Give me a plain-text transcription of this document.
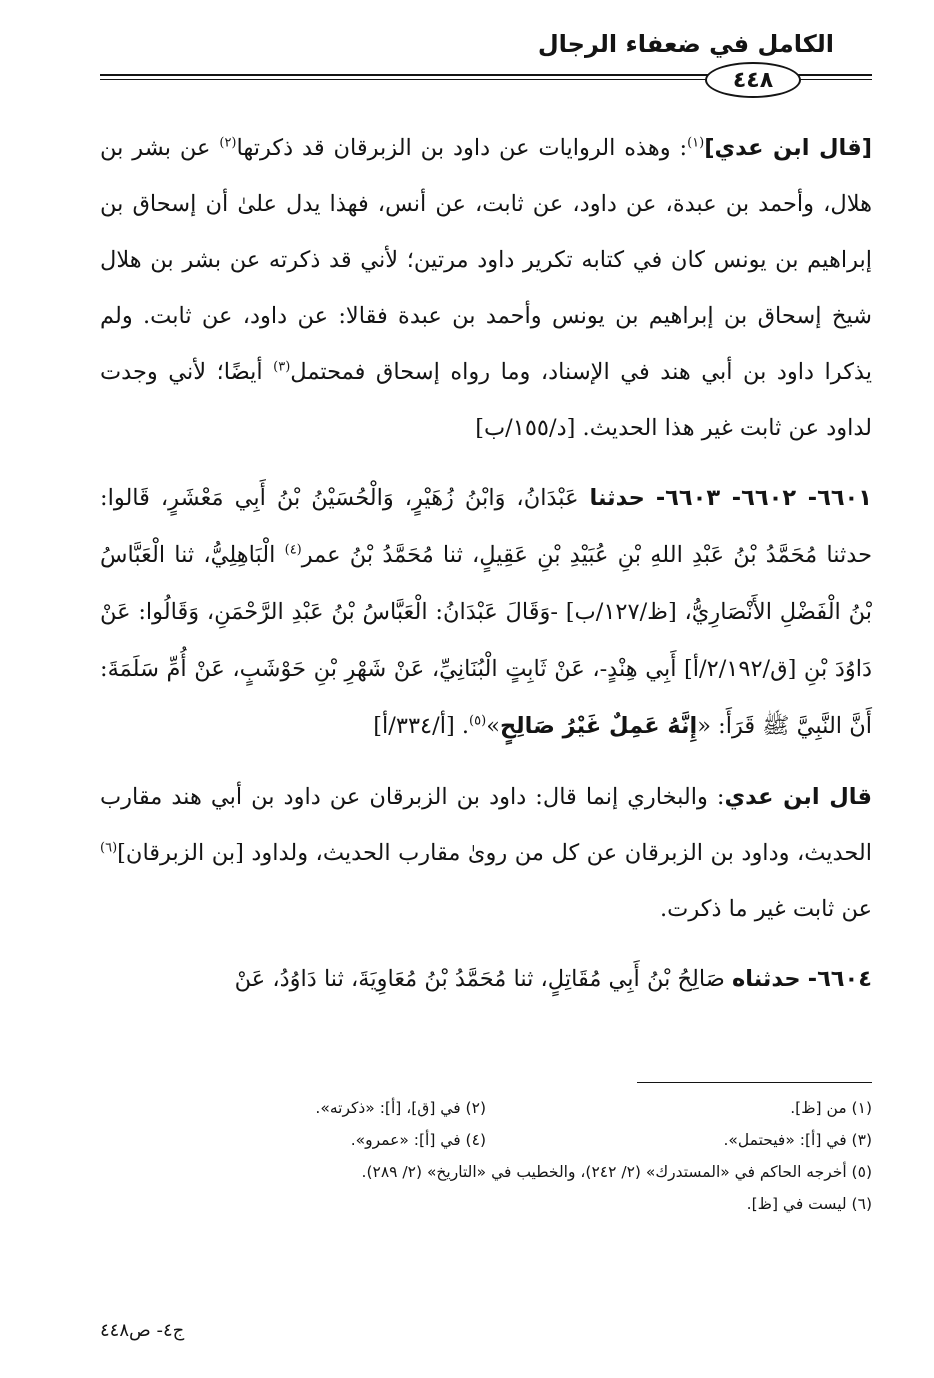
الكامل في ضعفاء الرجال
٤٤٨

[قال ابن عدي]$^{(١)}$: وهذه الروايات عن داود بن الزبرقان قد ذكرتها$^{(٢)}$ عن بشر بن هلال، وأحمد بن عبدة، عن داود، عن ثابت، عن أنس، فهذا يدل علىٰ أن إسحاق بن إبراهيم بن يونس كان في كتابه تكرير داود مرتين؛ لأني قد ذكرته عن بشر بن هلال شيخ إسحاق بن إبراهيم بن يونس وأحمد بن عبدة فقالا: عن داود، عن ثابت. ولم يذكرا داود بن أبي هند في الإسناد، وما رواه إسحاق فمحتمل$^{(٣)}$ أيضًا؛ لأني وجدت لداود عن ثابت غير هذا الحديث. [د/١٥٥/ب]

٦٦٠١- ٦٦٠٢- ٦٦٠٣- حدثنا عَبْدَانُ، وَابْنُ زُهَيْرٍ، وَالْحُسَيْنُ بْنُ أَبِي مَعْشَرٍ، قَالوا: حدثنا مُحَمَّدُ بْنُ عَبْدِ اللهِ بْنِ عُبَيْدِ بْنِ عَقِيلٍ، ثنا مُحَمَّدُ بْنُ عمر$^{(٤)}$ الْبَاهِلِيُّ، ثنا الْعَبَّاسُ بْنُ الْفَضْلِ الأَنْصَارِيُّ، [ظ/١٢٧/ب] -وَقَالَ عَبْدَانُ: الْعَبَّاسُ بْنُ عَبْدِ الرَّحْمَنِ، وَقَالُوا: عَنْ دَاوُدَ بْنِ [ق/٢/١٩٢/أ] أَبِي هِنْدٍ-، عَنْ ثَابِتٍ الْبُنَانِيِّ، عَنْ شَهْرِ بْنِ حَوْشَبٍ، عَنْ أُمِّ سَلَمَةَ: أَنَّ النَّبِيَّ ﷺ قَرَأَ: «إِنَّهُ عَمِلٌ غَيْرُ صَالِحٍ»$^{(٥)}$. [أ/٣٣٤/أ]

قال ابن عدي: والبخاري إنما قال: داود بن الزبرقان عن داود بن أبي هند مقارب الحديث، وداود بن الزبرقان عن كل من روىٰ مقارب الحديث، ولداود [بن الزبرقان]$^{(٦)}$ عن ثابت غير ما ذكرت.

٦٦٠٤- حدثناه صَالِحُ بْنُ أَبِي مُقَاتِلٍ، ثنا مُحَمَّدُ بْنُ مُعَاوِيَةَ، ثنا دَاوُدُ، عَنْ

(١) من [ظ].
(٢) في [ق]، [أ]: «ذكرته».
(٣) في [أ]: «فيحتمل».
(٤) في [أ]: «عمرو».
(٥) أخرجه الحاكم في «المستدرك» (٢/ ٢٤٢)، والخطيب في «التاريخ» (٢/ ٢٨٩).
(٦) ليست في [ظ].
ج٤- ص٤٤٨
